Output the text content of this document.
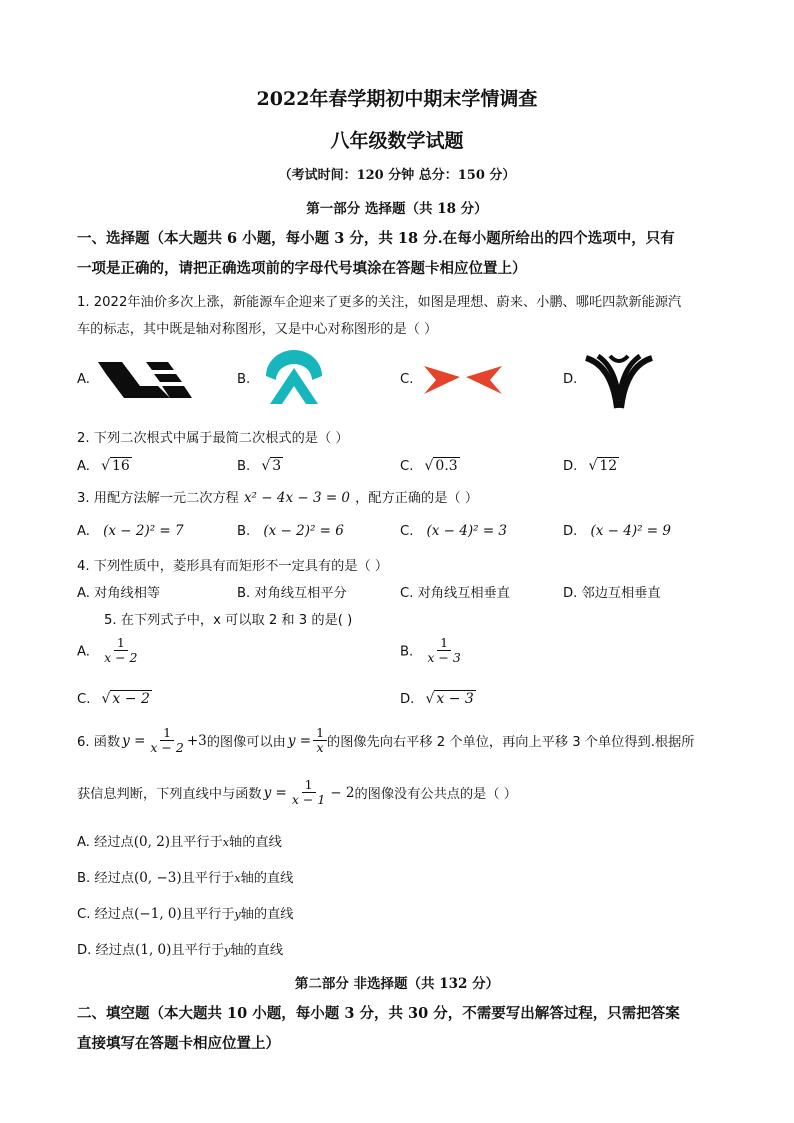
2022年春学期初中期末学情调查
八年级数学试题
（考试时间：120 分钟 总分：150 分）
第一部分 选择题（共 18 分）
一、选择题（本大题共 6 小题，每小题 3 分，共 18 分.在每小题所给出的四个选项中，只有
一项是正确的，请把正确选项前的字母代号填涂在答题卡相应位置上）
1. 2022年油价多次上涨，新能源车企迎来了更多的关注，如图是理想、蔚来、小鹏、哪吒四款新能源汽
车的标志，其中既是轴对称图形，又是中心对称图形的是（ ）
A.	B.	C.	D.
2. 下列二次根式中属于最简二次根式的是（ ）
A. √ 16	B. √ 3	C. √ 0.3	D. √ 12
3. 用配方法解一元二次方程 x² − 4x − 3 = 0 ，配方正确的是（ ）
A. (x − 2)² = 7	B. (x − 2)² = 6	C. (x − 4)² = 3	D. (x − 4)² = 9
4. 下列性质中，菱形具有而矩形不一定具有的是（ ）
A. 对角线相等	B. 对角线互相平分	C. 对角线互相垂直	D. 邻边互相垂直
5. 在下列式子中，x 可以取 2 和 3 的是( )
A. $\frac{1}{x - 2}$	B. $\frac{1}{x - 3}$
C. √ x − 2	D. √ x − 3
6. 函数 $y = \frac{1}{x - 2} +3$ 的图像可以由 $y = \frac{1}{x}$ 的图像先向右平移 2 个单位，再向上平移 3 个单位得到.根据所
获信息判断，下列直线中与函数 $y = \frac{1}{x - 1} - 2$ 的图像没有公共点的是（ ）
A. 经过点(0, 2)且平行于x轴的直线
B. 经过点(0, −3)且平行于x轴的直线
C. 经过点(−1, 0)且平行于y轴的直线
D. 经过点(1, 0)且平行于y轴的直线
第二部分 非选择题（共 132 分）
二、填空题（本大题共 10 小题，每小题 3 分，共 30 分，不需要写出解答过程，只需把答案
直接填写在答题卡相应位置上）
